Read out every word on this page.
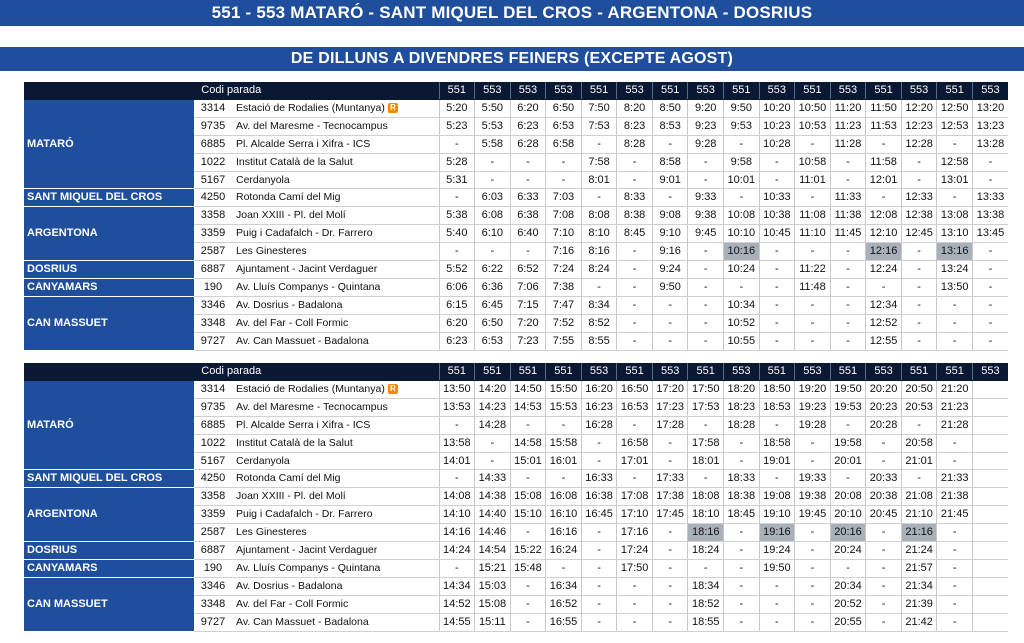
551 - 553 MATARÓ - SANT MIQUEL DEL CROS - ARGENTONA - DOSRIUS
DE DILLUNS A DIVENDRES FEINERS (EXCEPTE AGOST)
Codi parada			551	553	553	553	551	553	551	553	551	553	551	553	551	553	551	553
MATARÓ	3314	Estació de Rodalies (Muntanya) R	5:20	5:50	6:20	6:50	7:50	8:20	8:50	9:20	9:50	10:20	10:50	11:20	11:50	12:20	12:50	13:20
	9735	Av. del Maresme - Tecnocampus	5:23	5:53	6:23	6:53	7:53	8:23	8:53	9:23	9:53	10:23	10:53	11:23	11:53	12:23	12:53	13:23
	6885	Pl. Alcalde Serra i Xifra - ICS	-	5:58	6:28	6:58	-	8:28	-	9:28	-	10:28	-	11:28	-	12:28	-	13:28
	1022	Institut Català de la Salut	5:28	-	-	-	7:58	-	8:58	-	9:58	-	10:58	-	11:58	-	12:58	-
	5167	Cerdanyola	5:31	-	-	-	8:01	-	9:01	-	10:01	-	11:01	-	12:01	-	13:01	-
SANT MIQUEL DEL CROS	4250	Rotonda Camí del Mig	-	6:03	6:33	7:03	-	8:33	-	9:33	-	10:33	-	11:33	-	12:33	-	13:33
ARGENTONA	3358	Joan XXIII - Pl. del Molí	5:38	6:08	6:38	7:08	8:08	8:38	9:08	9:38	10:08	10:38	11:08	11:38	12:08	12:38	13:08	13:38
	3359	Puig i Cadafalch - Dr. Farrero	5:40	6:10	6:40	7:10	8:10	8:45	9:10	9:45	10:10	10:45	11:10	11:45	12:10	12:45	13:10	13:45
	2587	Les Ginesteres	-	-	-	7:16	8:16	-	9:16	-	10:16	-	-	-	12:16	-	13:16	-
DOSRIUS	6887	Ajuntament - Jacint Verdaguer	5:52	6:22	6:52	7:24	8:24	-	9:24	-	10:24	-	11:22	-	12:24	-	13:24	-
CANYAMARS	190	Av. Lluís Companys - Quintana	6:06	6:36	7:06	7:38	-	-	9:50	-	-	-	11:48	-	-	-	13:50	-
CAN MASSUET	3346	Av. Dosrius - Badalona	6:15	6:45	7:15	7:47	8:34	-	-	-	10:34	-	-	-	12:34	-	-	-
	3348	Av. del Far - Coll Formic	6:20	6:50	7:20	7:52	8:52	-	-	-	10:52	-	-	-	12:52	-	-	-
	9727	Av. Can Massuet - Badalona	6:23	6:53	7:23	7:55	8:55	-	-	-	10:55	-	-	-	12:55	-	-	-
Codi parada			551	551	551	551	553	551	553	551	553	551	553	551	553	551	551	553
MATARÓ	3314	Estació de Rodalies (Muntanya) R	13:50	14:20	14:50	15:50	16:20	16:50	17:20	17:50	18:20	18:50	19:20	19:50	20:20	20:50	21:20	
	9735	Av. del Maresme - Tecnocampus	13:53	14:23	14:53	15:53	16:23	16:53	17:23	17:53	18:23	18:53	19:23	19:53	20:23	20:53	21:23	
	6885	Pl. Alcalde Serra i Xifra - ICS	-	14:28	-	-	16:28	-	17:28	-	18:28	-	19:28	-	20:28	-	21:28	
	1022	Institut Català de la Salut	13:58	-	14:58	15:58	-	16:58	-	17:58	-	18:58	-	19:58	-	20:58	-	
	5167	Cerdanyola	14:01	-	15:01	16:01	-	17:01	-	18:01	-	19:01	-	20:01	-	21:01	-	
SANT MIQUEL DEL CROS	4250	Rotonda Camí del Mig	-	14:33	-	-	16:33	-	17:33	-	18:33	-	19:33	-	20:33	-	21:33	
ARGENTONA	3358	Joan XXIII - Pl. del Molí	14:08	14:38	15:08	16:08	16:38	17:08	17:38	18:08	18:38	19:08	19:38	20:08	20:38	21:08	21:38	
	3359	Puig i Cadafalch - Dr. Farrero	14:10	14:40	15:10	16:10	16:45	17:10	17:45	18:10	18:45	19:10	19:45	20:10	20:45	21:10	21:45	
	2587	Les Ginesteres	14:16	14:46	-	16:16	-	17:16	-	18:16	-	19:16	-	20:16	-	21:16	-	
DOSRIUS	6887	Ajuntament - Jacint Verdaguer	14:24	14:54	15:22	16:24	-	17:24	-	18:24	-	19:24	-	20:24	-	21:24	-	
CANYAMARS	190	Av. Lluís Companys - Quintana	-	15:21	15:48	-	-	17:50	-	-	-	19:50	-	-	-	21:57	-	
CAN MASSUET	3346	Av. Dosrius - Badalona	14:34	15:03	-	16:34	-	-	-	18:34	-	-	-	20:34	-	21:34	-	
	3348	Av. del Far - Coll Formic	14:52	15:08	-	16:52	-	-	-	18:52	-	-	-	20:52	-	21:39	-	
	9727	Av. Can Massuet - Badalona	14:55	15:11	-	16:55	-	-	-	18:55	-	-	-	20:55	-	21:42	-	
